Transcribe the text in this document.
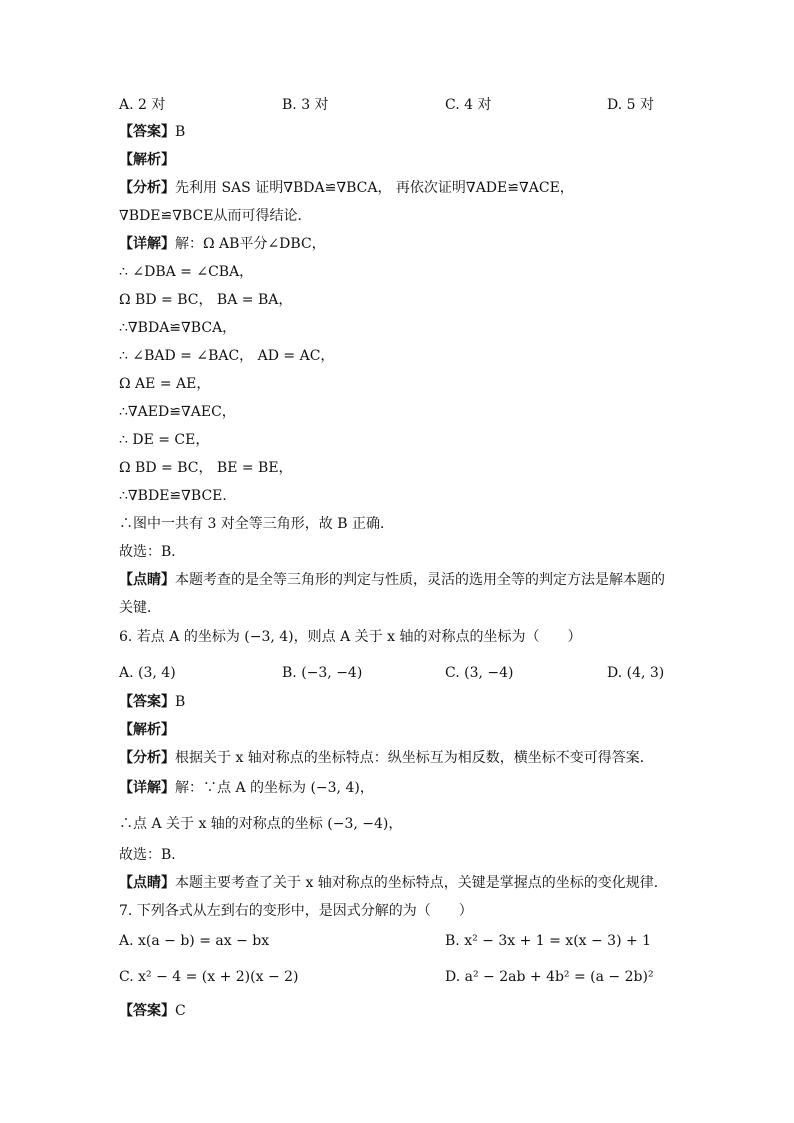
A. 2 对	B. 3 对	C. 4 对	D. 5 对
【答案】B
【解析】
【分析】先利用 SAS 证明∇BDA≌∇BCA， 再依次证明∇ADE≌∇ACE，
∇BDE≌∇BCE从而可得结论．
【详解】解：Ω AB平分∠DBC，
∴ ∠DBA = ∠CBA，
Ω BD = BC， BA = BA，
∴∇BDA≌∇BCA，
∴ ∠BAD = ∠BAC， AD = AC，
Ω AE = AE，
∴∇AED≌∇AEC，
∴ DE = CE，
Ω BD = BC， BE = BE，
∴∇BDE≌∇BCE．
∴图中一共有 3 对全等三角形，故 B 正确．
故选：B．
【点睛】本题考查的是全等三角形的判定与性质，灵活的选用全等的判定方法是解本题的
关键．
6. 若点 A 的坐标为 (−3, 4)，则点 A 关于 x 轴的对称点的坐标为（　　）
A. (3, 4)	B. (−3, −4)	C. (3, −4)	D. (4, 3)
【答案】B
【解析】
【分析】根据关于 x 轴对称点的坐标特点：纵坐标互为相反数，横坐标不变可得答案．
【详解】解：∵点 A 的坐标为 (−3, 4)，
∴点 A 关于 x 轴的对称点的坐标 (−3, −4)，
故选：B．
【点睛】本题主要考查了关于 x 轴对称点的坐标特点，关键是掌握点的坐标的变化规律．
7. 下列各式从左到右的变形中，是因式分解的为（　　）
A. x(a − b) = ax − bx	B. x² − 3x + 1 = x(x − 3) + 1
C. x² − 4 = (x + 2)(x − 2)	D. a² − 2ab + 4b² = (a − 2b)²
【答案】C
